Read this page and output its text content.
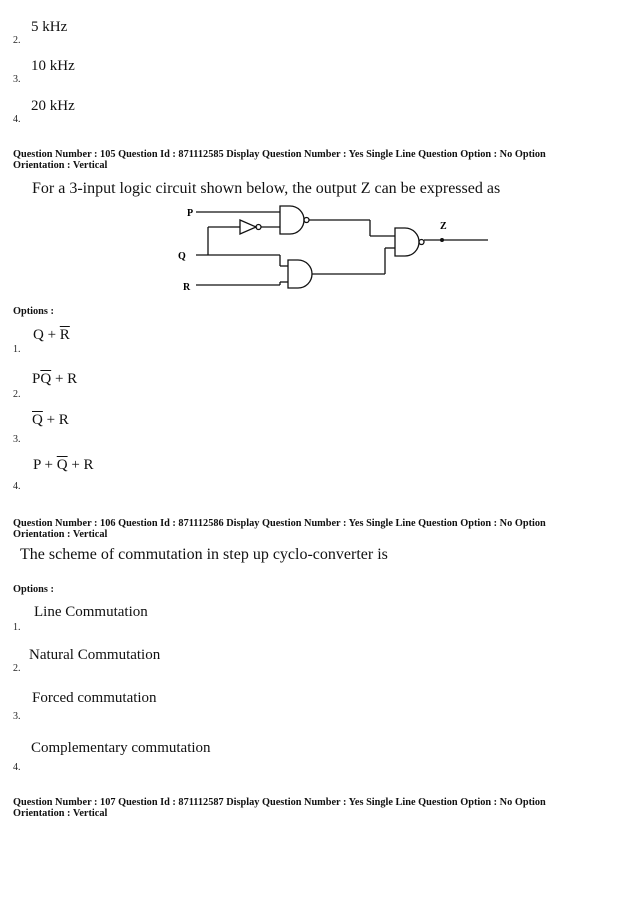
5 kHz
2.
10 kHz
3.
20 kHz
4.
Question Number : 105 Question Id : 871112585 Display Question Number : Yes Single Line Question Option : No Option
Orientation : Vertical
For a 3-input logic circuit shown below, the output Z can be expressed as
P
Q
R
Z
Options :
$Q + \overline{R}$
1.
$P\overline{Q} + R$
2.
$\overline{Q} + R$
3.
$P + \overline{Q} + R$
4.
Question Number : 106 Question Id : 871112586 Display Question Number : Yes Single Line Question Option : No Option
Orientation : Vertical
The scheme of commutation in step up cyclo-converter is
Options :
Line Commutation
1.
Natural Commutation
2.
Forced commutation
3.
Complementary commutation
4.
Question Number : 107 Question Id : 871112587 Display Question Number : Yes Single Line Question Option : No Option
Orientation : Vertical
